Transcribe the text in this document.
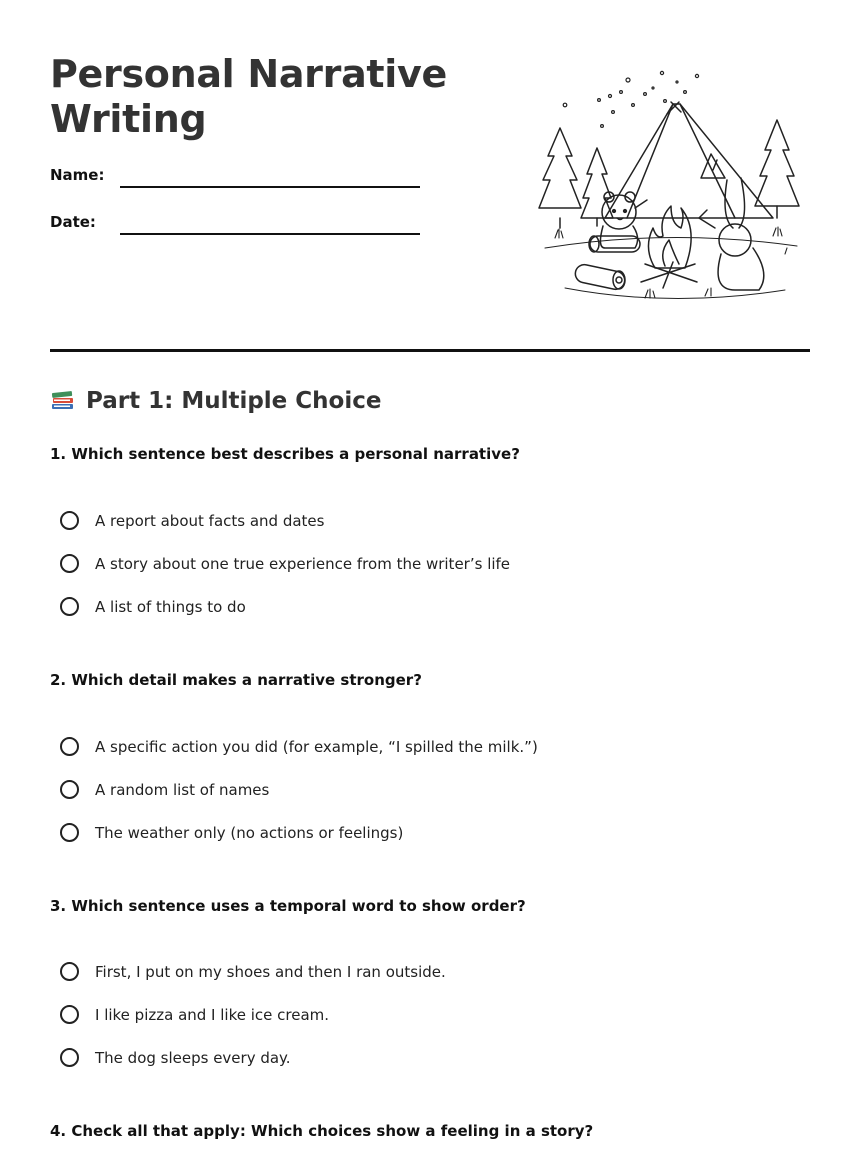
Personal Narrative
Writing
Name:
Date:
Part 1: Multiple Choice
1. Which sentence best describes a personal narrative?
A report about facts and dates
A story about one true experience from the writer’s life
A list of things to do
2. Which detail makes a narrative stronger?
A specific action you did (for example, “I spilled the milk.”)
A random list of names
The weather only (no actions or feelings)
3. Which sentence uses a temporal word to show order?
First, I put on my shoes and then I ran outside.
I like pizza and I like ice cream.
The dog sleeps every day.
4. Check all that apply: Which choices show a feeling in a story?
